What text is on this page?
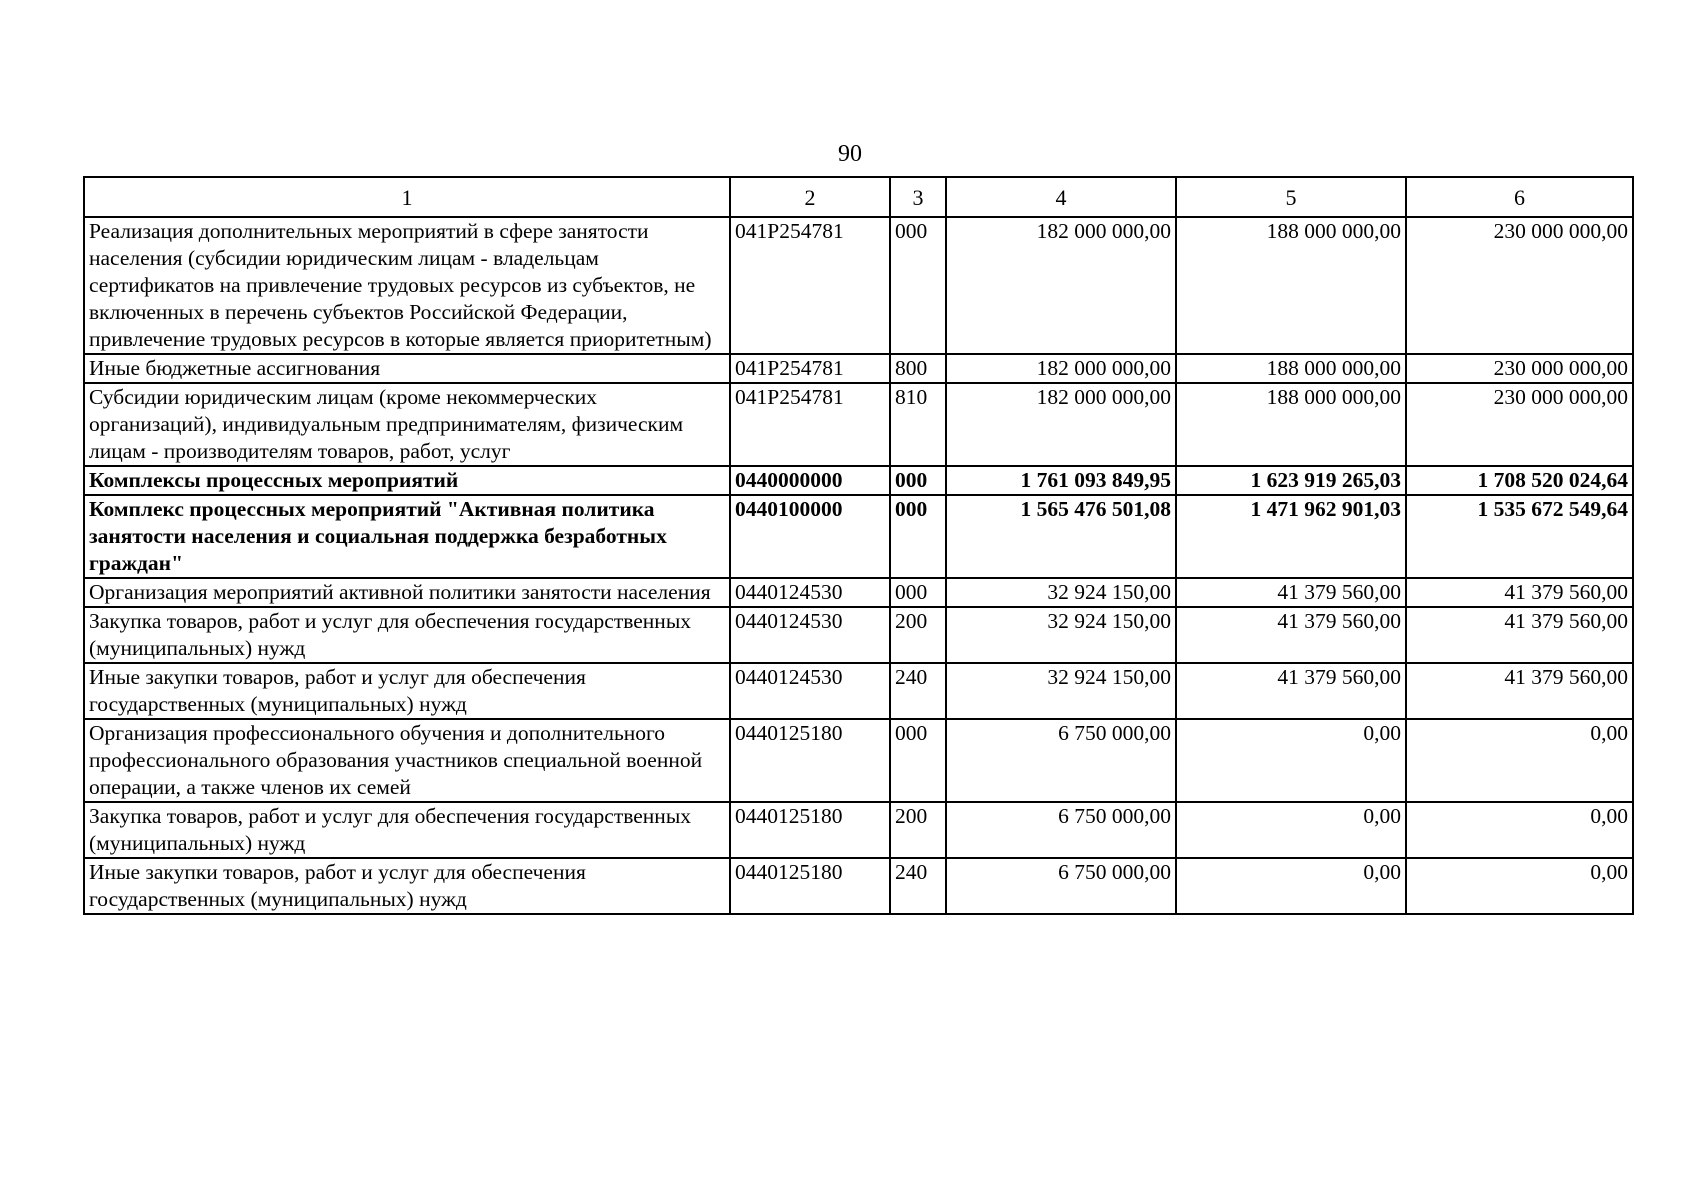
90
1	2	3	4	5	6
Реализация дополнительных мероприятий в сфере занятости населения (субсидии юридическим лицам - владельцам сертификатов на привлечение трудовых ресурсов из субъектов, не включенных в перечень субъектов Российской Федерации, привлечение трудовых ресурсов в которые является приоритетным)	041P254781	000	182 000 000,00	188 000 000,00	230 000 000,00
Иные бюджетные ассигнования	041P254781	800	182 000 000,00	188 000 000,00	230 000 000,00
Субсидии юридическим лицам (кроме некоммерческих организаций), индивидуальным предпринимателям, физическим лицам - производителям товаров, работ, услуг	041P254781	810	182 000 000,00	188 000 000,00	230 000 000,00
Комплексы процессных мероприятий	0440000000	000	1 761 093 849,95	1 623 919 265,03	1 708 520 024,64
Комплекс процессных мероприятий "Активная политика занятости населения и социальная поддержка безработных граждан"	0440100000	000	1 565 476 501,08	1 471 962 901,03	1 535 672 549,64
Организация мероприятий активной политики занятости населения	0440124530	000	32 924 150,00	41 379 560,00	41 379 560,00
Закупка товаров, работ и услуг для обеспечения государственных (муниципальных) нужд	0440124530	200	32 924 150,00	41 379 560,00	41 379 560,00
Иные закупки товаров, работ и услуг для обеспечения государственных (муниципальных) нужд	0440124530	240	32 924 150,00	41 379 560,00	41 379 560,00
Организация профессионального обучения и дополнительного профессионального образования участников специальной военной операции, а также членов их семей	0440125180	000	6 750 000,00	0,00	0,00
Закупка товаров, работ и услуг для обеспечения государственных (муниципальных) нужд	0440125180	200	6 750 000,00	0,00	0,00
Иные закупки товаров, работ и услуг для обеспечения государственных (муниципальных) нужд	0440125180	240	6 750 000,00	0,00	0,00
